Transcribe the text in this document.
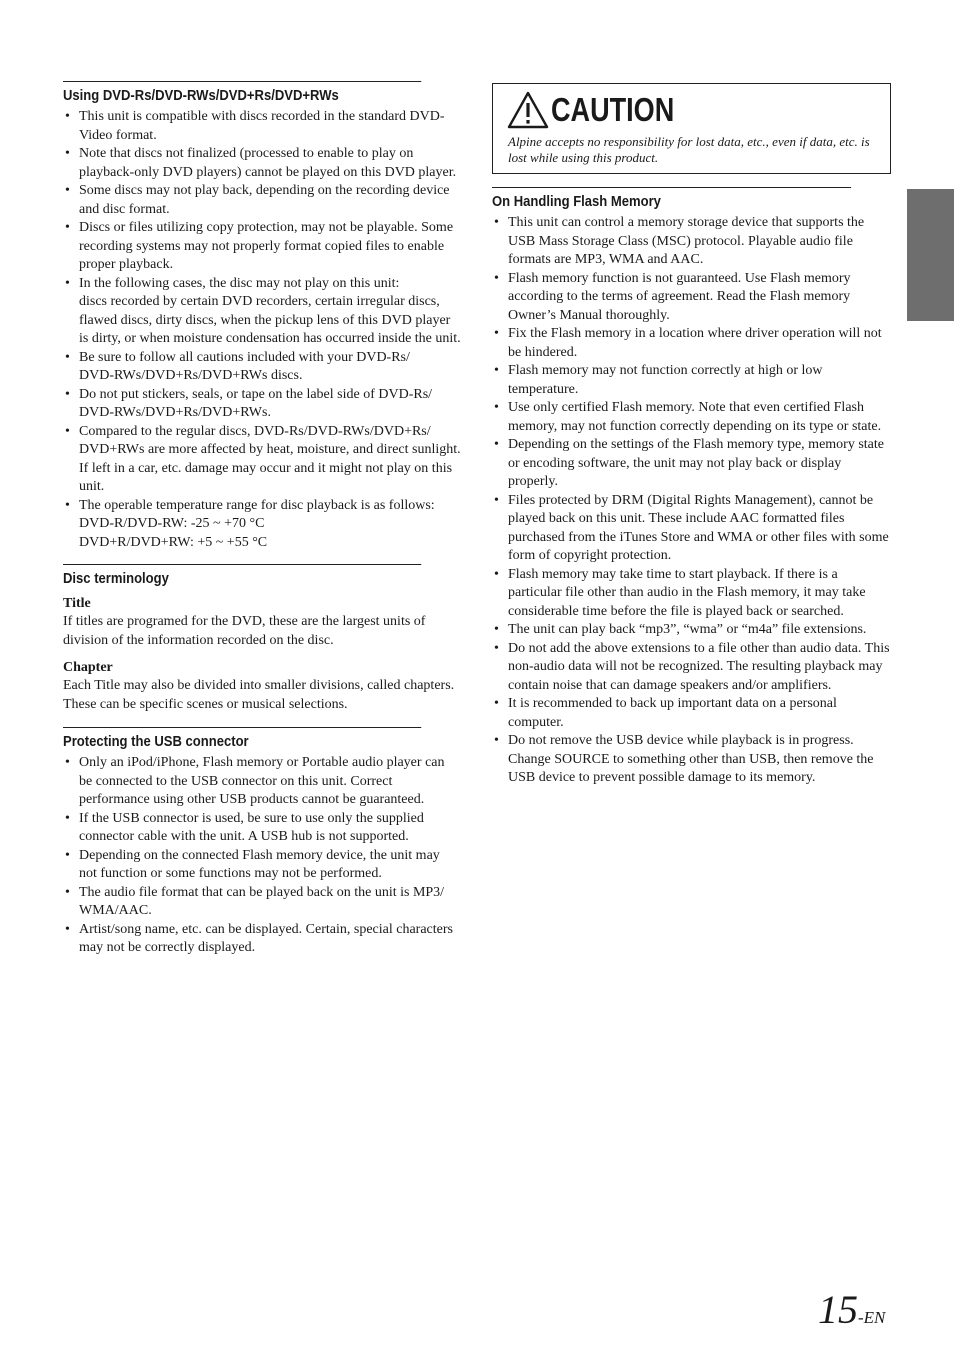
Using DVD-Rs/DVD-RWs/DVD+Rs/DVD+RWs
• This unit is compatible with discs recorded in the standard DVD-Video format.
• Note that discs not finalized (processed to enable to play on playback-only DVD players) cannot be played on this DVD player.
• Some discs may not play back, depending on the recording device and disc format.
• Discs or files utilizing copy protection, may not be playable. Some recording systems may not properly format copied files to enable proper playback.
• In the following cases, the disc may not play on this unit:
discs recorded by certain DVD recorders, certain irregular discs, flawed discs, dirty discs, when the pickup lens of this DVD player is dirty, or when moisture condensation has occurred inside the unit.
• Be sure to follow all cautions included with your DVD-Rs/
DVD-RWs/DVD+Rs/DVD+RWs discs.
• Do not put stickers, seals, or tape on the label side of DVD-Rs/
DVD-RWs/DVD+Rs/DVD+RWs.
• Compared to the regular discs, DVD-Rs/DVD-RWs/DVD+Rs/
DVD+RWs are more affected by heat, moisture, and direct sunlight. If left in a car, etc. damage may occur and it might not play on this unit.
• The operable temperature range for disc playback is as follows:
DVD-R/DVD-RW: -25 ~ +70 °C
DVD+R/DVD+RW: +5 ~ +55 °C
Disc terminology
Title

If titles are programed for the DVD, these are the largest units of division of the information recorded on the disc.

Chapter

Each Title may also be divided into smaller divisions, called chapters. These can be specific scenes or musical selections.

Protecting the USB connector
• Only an iPod/iPhone, Flash memory or Portable audio player can be connected to the USB connector on this unit. Correct performance using other USB products cannot be guaranteed.
• If the USB connector is used, be sure to use only the supplied connector cable with the unit. A USB hub is not supported.
• Depending on the connected Flash memory device, the unit may not function or some functions may not be performed.
• The audio file format that can be played back on the unit is MP3/
WMA/AAC.
• Artist/song name, etc. can be displayed. Certain, special characters may not be correctly displayed.
CAUTION
Alpine accepts no responsibility for lost data, etc., even if data, etc. is lost while using this product.
On Handling Flash Memory
• This unit can control a memory storage device that supports the USB Mass Storage Class (MSC) protocol. Playable audio file formats are MP3, WMA and AAC.
• Flash memory function is not guaranteed. Use Flash memory according to the terms of agreement. Read the Flash memory Owner’s Manual thoroughly.
• Fix the Flash memory in a location where driver operation will not be hindered.
• Flash memory may not function correctly at high or low temperature.
• Use only certified Flash memory. Note that even certified Flash memory, may not function correctly depending on its type or state.
• Depending on the settings of the Flash memory type, memory state or encoding software, the unit may not play back or display properly.
• Files protected by DRM (Digital Rights Management), cannot be played back on this unit. These include AAC formatted files purchased from the iTunes Store and WMA or other files with some form of copyright protection.
• Flash memory may take time to start playback. If there is a particular file other than audio in the Flash memory, it may take considerable time before the file is played back or searched.
• The unit can play back “mp3”, “wma” or “m4a” file extensions.
• Do not add the above extensions to a file other than audio data. This non-audio data will not be recognized. The resulting playback may contain noise that can damage speakers and/or amplifiers.
• It is recommended to back up important data on a personal computer.
• Do not remove the USB device while playback is in progress. Change SOURCE to something other than USB, then remove the USB device to prevent possible damage to its memory.
15-EN
